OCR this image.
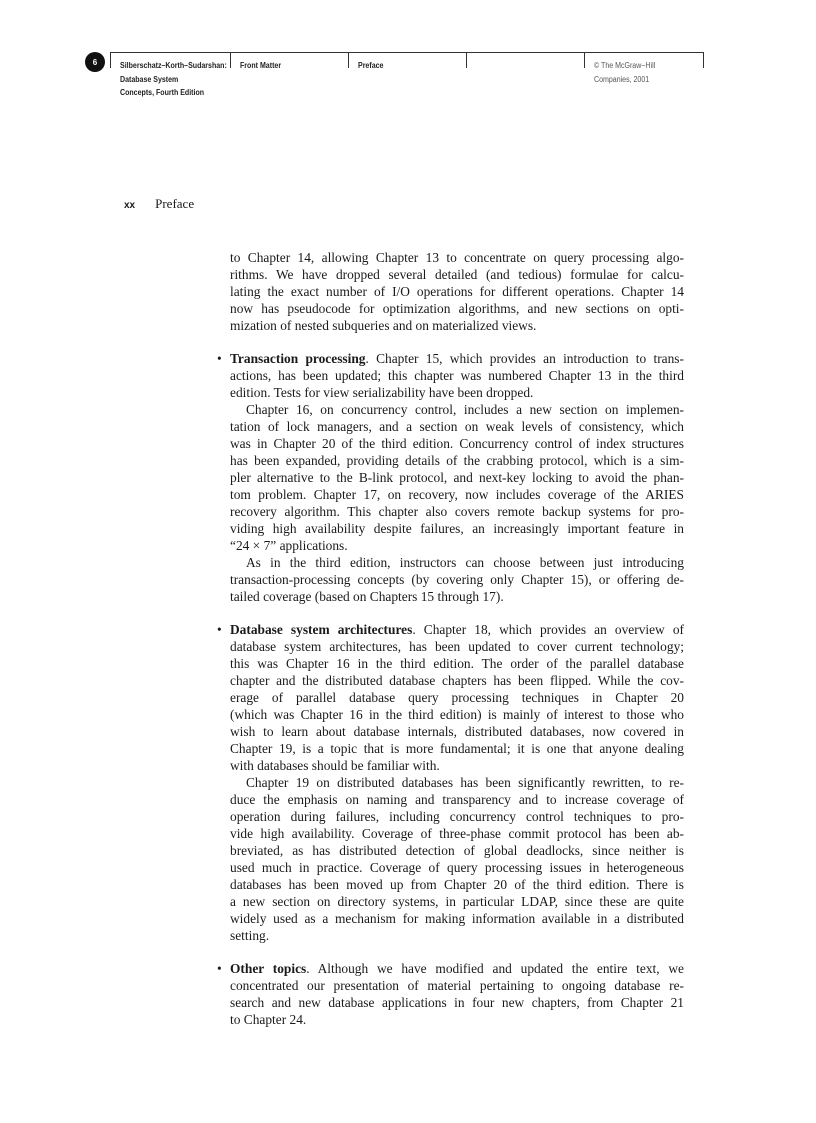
6	Silberschatz–Korth–Sudarshan:
Database System
Concepts, Fourth Edition
Front Matter	Preface	© The McGraw−Hill
Companies, 2001
xx Preface
to Chapter 14, allowing Chapter 13 to concentrate on query processing algo-
rithms. We have dropped several detailed (and tedious) formulae for calcu-
lating the exact number of I/O operations for different operations. Chapter 14
now has pseudocode for optimization algorithms, and new sections on opti-
mization of nested subqueries and on materialized views.
• Transaction processing. Chapter 15, which provides an introduction to trans-
actions, has been updated; this chapter was numbered Chapter 13 in the third
edition. Tests for view serializability have been dropped.
Chapter 16, on concurrency control, includes a new section on implemen-
tation of lock managers, and a section on weak levels of consistency, which
was in Chapter 20 of the third edition. Concurrency control of index structures
has been expanded, providing details of the crabbing protocol, which is a sim-
pler alternative to the B-link protocol, and next-key locking to avoid the phan-
tom problem. Chapter 17, on recovery, now includes coverage of the ARIES
recovery algorithm. This chapter also covers remote backup systems for pro-
viding high availability despite failures, an increasingly important feature in
“24 × 7” applications.
As in the third edition, instructors can choose between just introducing
transaction-processing concepts (by covering only Chapter 15), or offering de-
tailed coverage (based on Chapters 15 through 17).
• Database system architectures. Chapter 18, which provides an overview of
database system architectures, has been updated to cover current technology;
this was Chapter 16 in the third edition. The order of the parallel database
chapter and the distributed database chapters has been flipped. While the cov-
erage of parallel database query processing techniques in Chapter 20
(which was Chapter 16 in the third edition) is mainly of interest to those who
wish to learn about database internals, distributed databases, now covered in
Chapter 19, is a topic that is more fundamental; it is one that anyone dealing
with databases should be familiar with.
Chapter 19 on distributed databases has been significantly rewritten, to re-
duce the emphasis on naming and transparency and to increase coverage of
operation during failures, including concurrency control techniques to pro-
vide high availability. Coverage of three-phase commit protocol has been ab-
breviated, as has distributed detection of global deadlocks, since neither is
used much in practice. Coverage of query processing issues in heterogeneous
databases has been moved up from Chapter 20 of the third edition. There is
a new section on directory systems, in particular LDAP, since these are quite
widely used as a mechanism for making information available in a distributed
setting.
• Other topics. Although we have modified and updated the entire text, we
concentrated our presentation of material pertaining to ongoing database re-
search and new database applications in four new chapters, from Chapter 21
to Chapter 24.
